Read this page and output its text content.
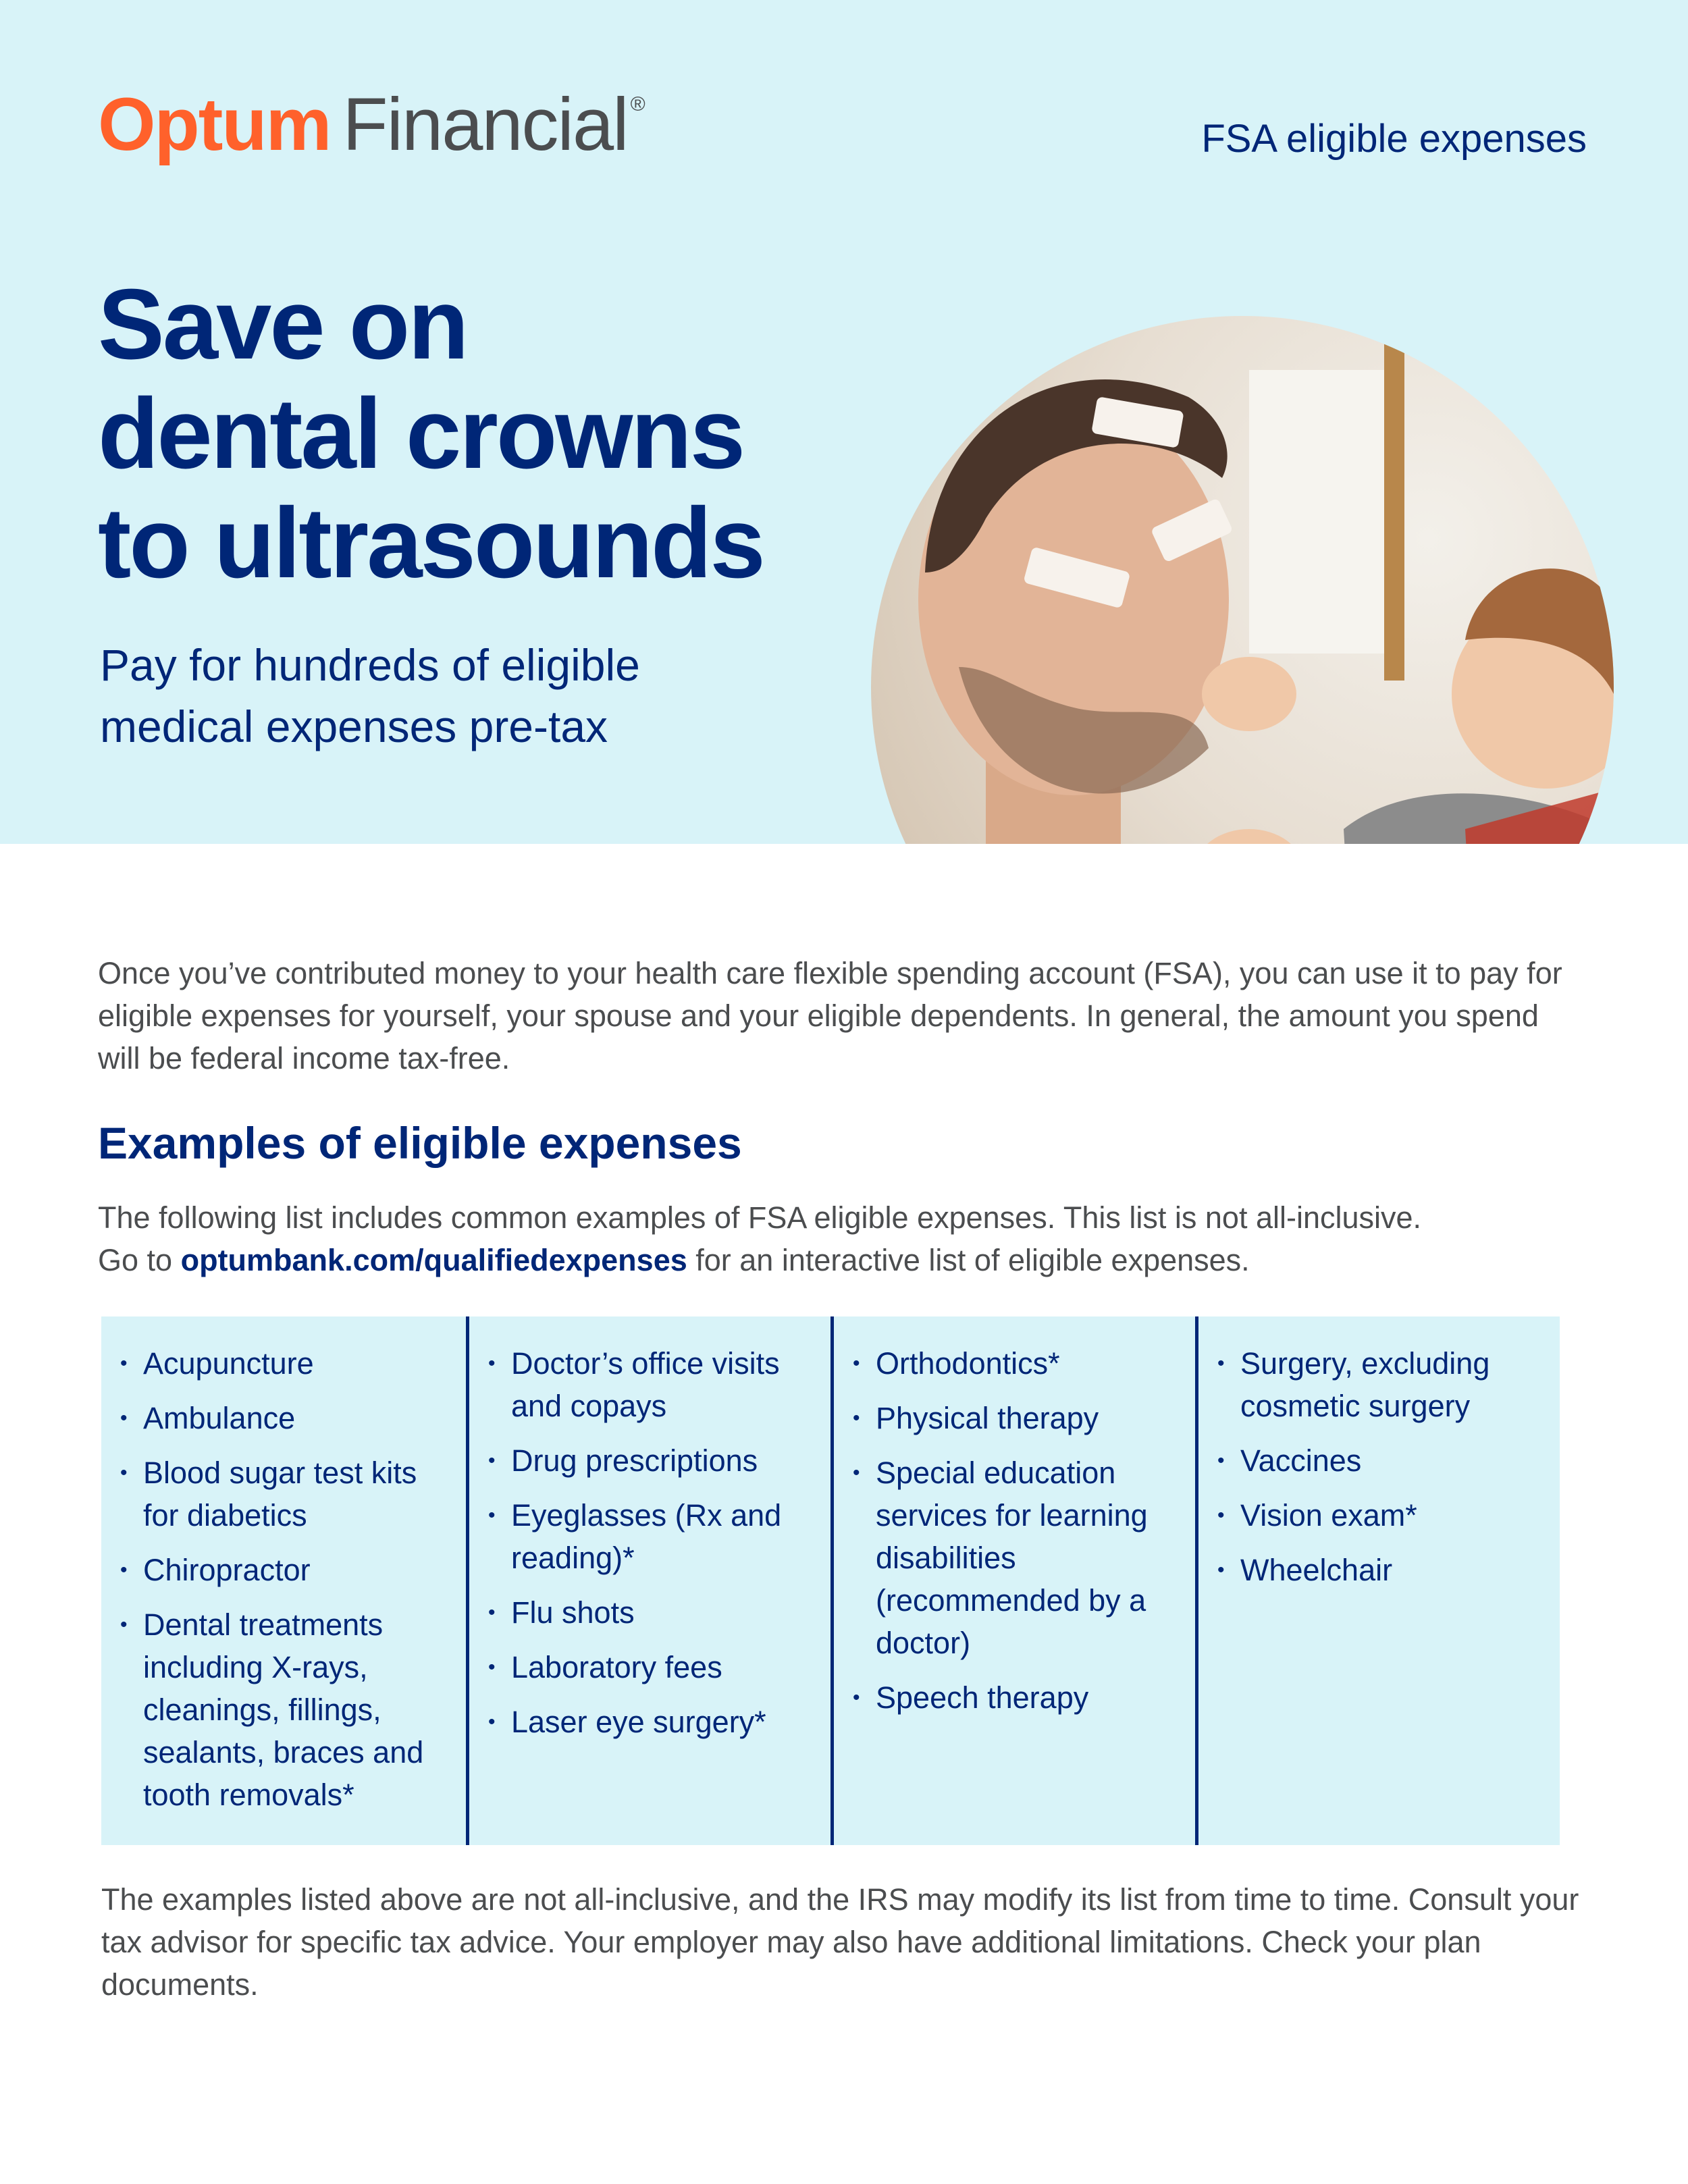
Optum Financial ®
FSA eligible expenses
Save on
dental crowns
to ultrasounds
Pay for hundreds of eligible
medical expenses pre-tax

Once you’ve contributed money to your health care flexible spending account (FSA), you can use it to pay for eligible expenses for yourself, your spouse and your eligible dependents. In general, the amount you spend will be federal income tax-free.

Examples of eligible expenses
The following list includes common examples of FSA eligible expenses. This list is not all-inclusive.
Go to optumbank.com/qualifiedexpenses for an interactive list of eligible expenses.
• Acupuncture
• Ambulance
• Blood sugar test kits for diabetics
• Chiropractor
• Dental treatments including X-rays, cleanings, fillings, sealants, braces and tooth removals*
• Doctor’s office visits and copays
• Drug prescriptions
• Eyeglasses (Rx and reading)*
• Flu shots
• Laboratory fees
• Laser eye surgery*
• Orthodontics*
• Physical therapy
• Special education services for learning disabilities (recommended by a doctor)
• Speech therapy
• Surgery, excluding cosmetic surgery
• Vaccines
• Vision exam*
• Wheelchair

The examples listed above are not all-inclusive, and the IRS may modify its list from time to time. Consult your tax advisor for specific tax advice. Your employer may also have additional limitations. Check your plan documents.
